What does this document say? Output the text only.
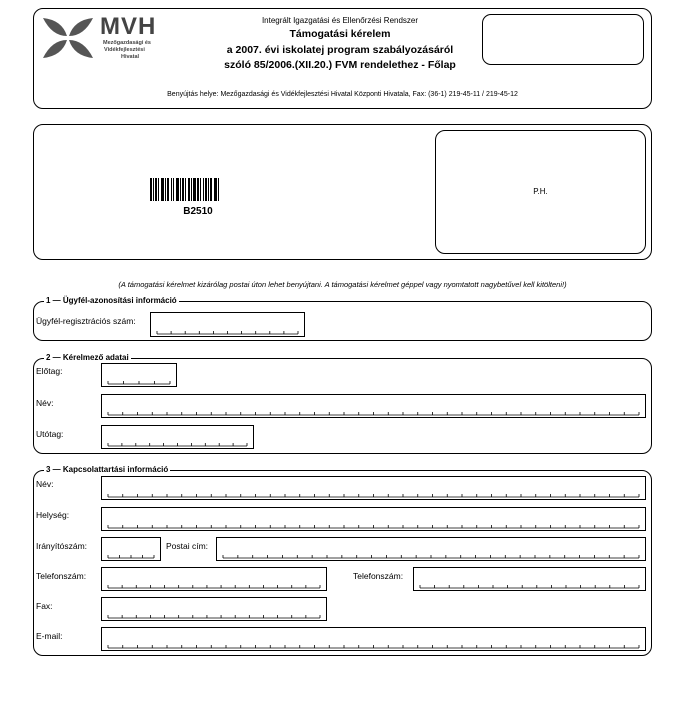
MVH
Mezőgazdasági és
Vidékfejlesztési
Hivatal
Integrált Igazgatási és Ellenőrzési Rendszer
Támogatási kérelem
a 2007. évi iskolatej program szabályozásáról
szóló 85/2006.(XII.20.) FVM rendelethez - Főlap
Benyújtás helye: Mezőgazdasági és Vidékfejlesztési Hivatal Központi Hivatala, Fax: (36-1) 219-45-11 / 219-45-12
B2510
P.H.
(A támogatási kérelmet kizárólag postai úton lehet benyújtani. A támogatási kérelmet géppel vagy nyomtatott nagybetűvel kell kitölteni!)
1 — Ügyfél-azonosítási információ
Ügyfél-regisztrációs szám:
2 — Kérelmező adatai
Előtag:
Név:
Utótag:
3 — Kapcsolattartási információ
Név:
Helység:
Irányítószám:	Postai cím:
Telefonszám:	Telefonszám:
Fax:
E-mail:
